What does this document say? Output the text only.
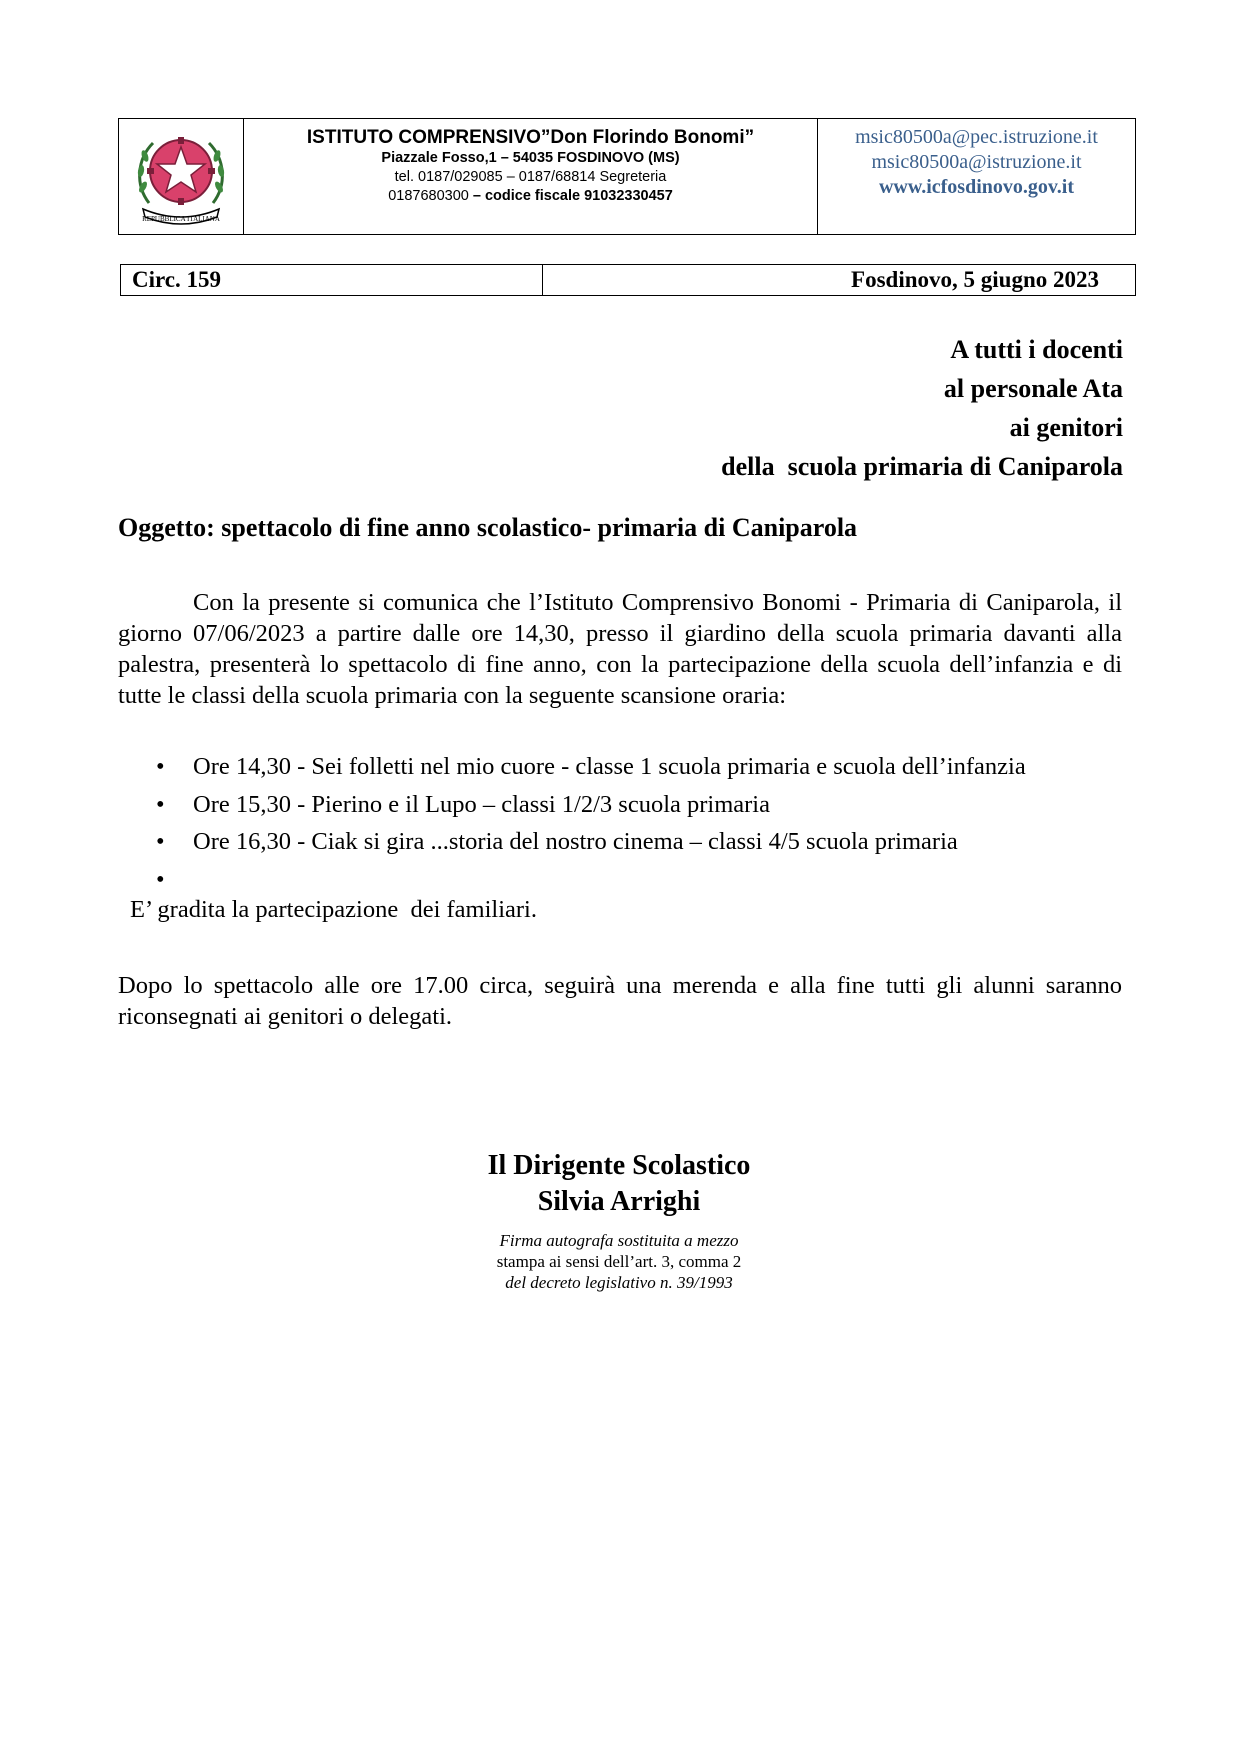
REPUBBLICA ITALIANA
ISTITUTO COMPRENSIVO”Don Florindo Bonomi”
Piazzale Fosso,1 – 54035 FOSDINOVO (MS)
tel. 0187/029085 – 0187/68814 Segreteria
0187680300 – codice fiscale 91032330457
msic80500a@pec.istruzione.it
msic80500a@istruzione.it
www.icfosdinovo.gov.it
Circ. 159	Fosdinovo, 5 giugno 2023
A tutti i docenti
al personale Ata
ai genitori
della  scuola primaria di Caniparola
Oggetto: spettacolo di fine anno scolastico- primaria di Caniparola
Con la presente si comunica che l’Istituto Comprensivo Bonomi - Primaria di Caniparola, il giorno 07/06/2023 a partire dalle ore 14,30, presso il giardino della scuola primaria davanti alla palestra, presenterà lo spettacolo di fine anno, con la partecipazione della scuola dell’infanzia e di tutte le classi della scuola primaria con la seguente scansione oraria:
• Ore 14,30 - Sei folletti nel mio cuore - classe 1 scuola primaria e scuola dell’infanzia
• Ore 15,30 - Pierino e il Lupo – classi 1/2/3 scuola primaria
• Ore 16,30 - Ciak si gira ...storia del nostro cinema – classi 4/5 scuola primaria
•
E’ gradita la partecipazione  dei familiari.
Dopo lo spettacolo alle ore 17.00 circa, seguirà una merenda e alla fine tutti gli alunni saranno riconsegnati ai genitori o delegati.
Il Dirigente Scolastico
Silvia Arrighi
Firma autografa sostituita a mezzo
stampa ai sensi dell’art. 3, comma 2
del decreto legislativo n. 39/1993
